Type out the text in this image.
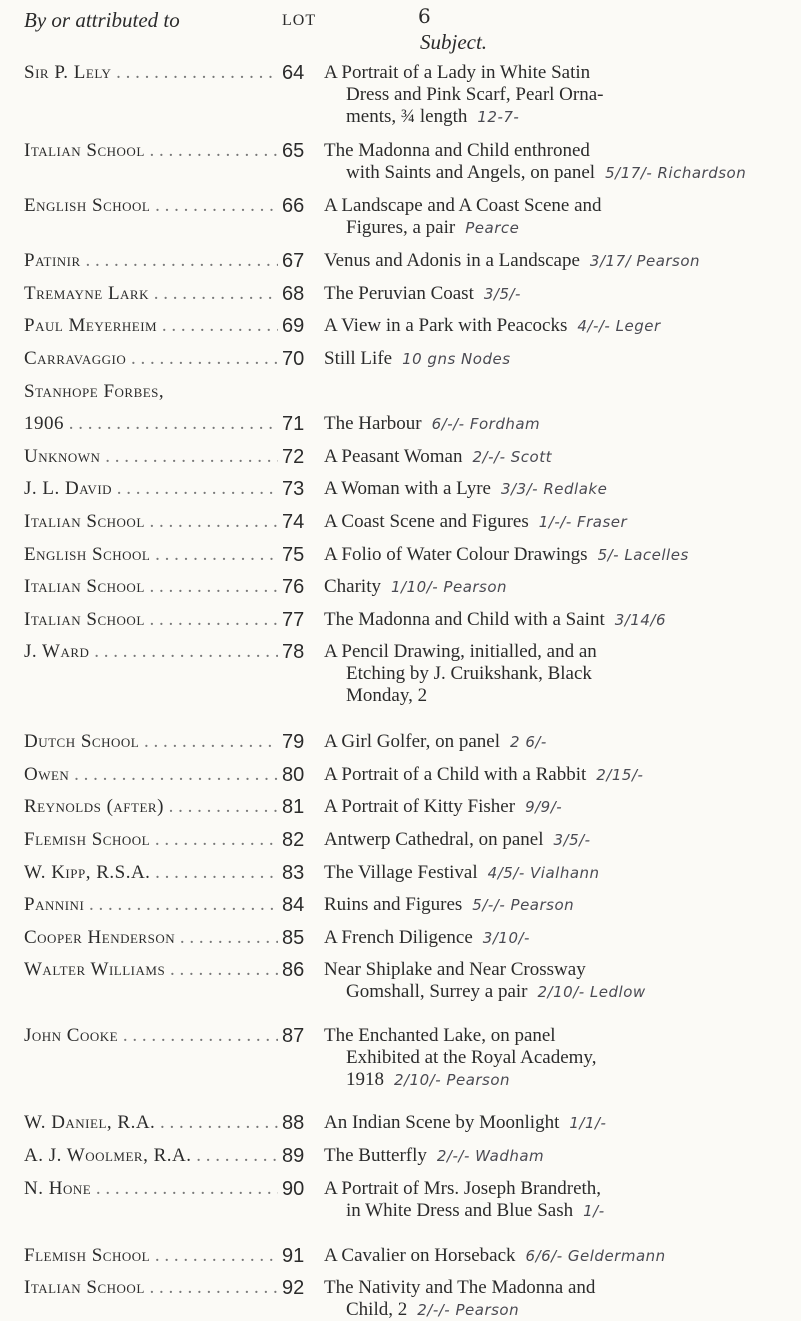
6
By or attributed to	LOT
Subject.
Sir P. Lely . . .	64	A Portrait of a Lady in White Satin
Dress and Pink Scarf, Pearl Orna-
ments, ¾ length 12-7-
Italian School . . .	65	The Madonna and Child enthroned
with Saints and Angels, on panel 5/17/- Richardson
English School . . .	66	A Landscape and A Coast Scene and
Figures, a pair Pearce
Patinir . . .	67	Venus and Adonis in a Landscape 3/17/ Pearson
Tremayne Lark . . .	68	The Peruvian Coast 3/5/-
Paul Meyerheim . . .	69	A View in a Park with Peacocks 4/-/- Leger
Carravaggio . . .	70	Still Life 10 gns Nodes
Stanhope Forbes,
1906 . . .	71	The Harbour 6/-/- Fordham
Unknown . . .	72	A Peasant Woman 2/-/- Scott
J. L. David . . .	73	A Woman with a Lyre 3/3/- Redlake
Italian School . . .	74	A Coast Scene and Figures 1/-/- Fraser
English School . . .	75	A Folio of Water Colour Drawings 5/- Lacelles
Italian School . . .	76	Charity 1/10/- Pearson
Italian School . . .	77	The Madonna and Child with a Saint 3/14/6
J. Ward . . .	78	A Pencil Drawing, initialled, and an
Etching by J. Cruikshank, Black
Monday, 2
Dutch School . . .	79	A Girl Golfer, on panel 2 6/-
Owen . . .	80	A Portrait of a Child with a Rabbit 2/15/-
Reynolds (after) . . .	81	A Portrait of Kitty Fisher 9/9/-
Flemish School . . .	82	Antwerp Cathedral, on panel 3/5/-
W. Kipp, R.S.A. . . .	83	The Village Festival 4/5/- Vialhann
Pannini . . .	84	Ruins and Figures 5/-/- Pearson
Cooper Henderson . . .	85	A French Diligence 3/10/-
Walter Williams . . .	86	Near Shiplake and Near Crossway
Gomshall, Surrey a pair 2/10/- Ledlow
John Cooke . . .	87	The Enchanted Lake, on panel
Exhibited at the Royal Academy,
1918 2/10/- Pearson
W. Daniel, R.A. . . .	88	An Indian Scene by Moonlight 1/1/-
A. J. Woolmer, R.A. . . .	89	The Butterfly 2/-/- Wadham
N. Hone . . .	90	A Portrait of Mrs. Joseph Brandreth,
in White Dress and Blue Sash 1/-
Flemish School . . .	91	A Cavalier on Horseback 6/6/- Geldermann
Italian School . . .	92	The Nativity and The Madonna and
Child, 2 2/-/- Pearson
